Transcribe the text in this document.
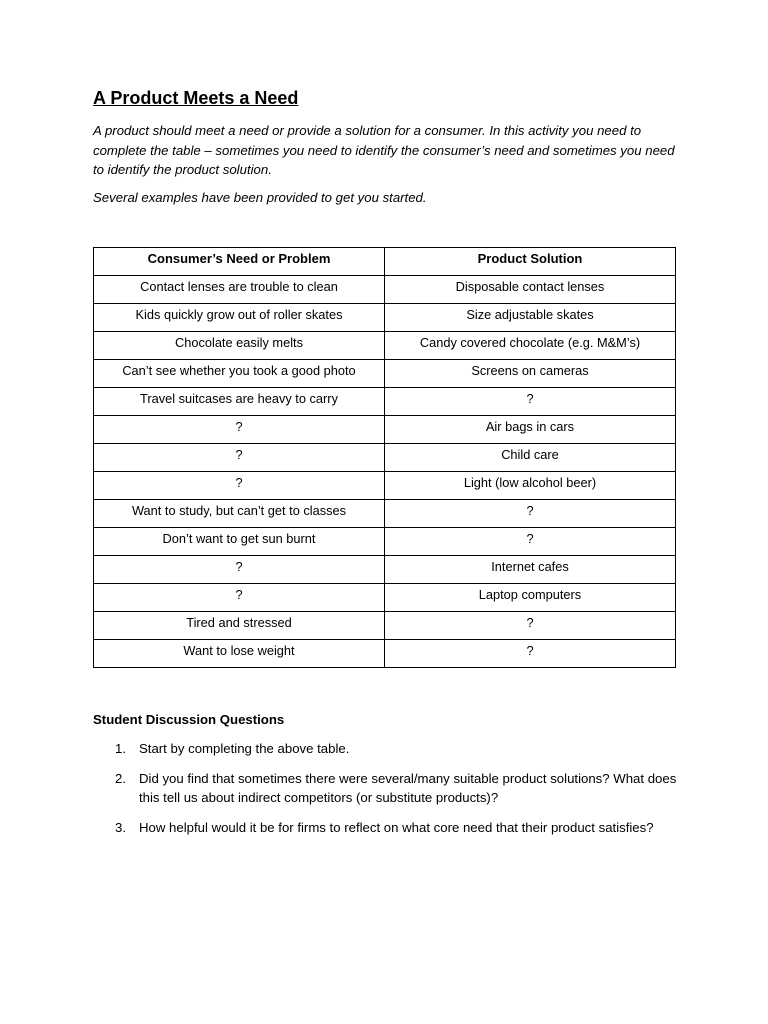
A Product Meets a Need

A product should meet a need or provide a solution for a consumer. In this activity you need to complete the table – sometimes you need to identify the consumer’s need and sometimes you need to identify the product solution.

Several examples have been provided to get you started.

Consumer’s Need or Problem	Product Solution
Contact lenses are trouble to clean	Disposable contact lenses
Kids quickly grow out of roller skates	Size adjustable skates
Chocolate easily melts	Candy covered chocolate (e.g. M&M’s)
Can’t see whether you took a good photo	Screens on cameras
Travel suitcases are heavy to carry	?
?	Air bags in cars
?	Child care
?	Light (low alcohol beer)
Want to study, but can’t get to classes	?
Don’t want to get sun burnt	?
?	Internet cafes
?	Laptop computers
Tired and stressed	?
Want to lose weight	?
Student Discussion Questions
1. Start by completing the above table.
2. Did you find that sometimes there were several/many suitable product solutions? What does this tell us about indirect competitors (or substitute products)?
3. How helpful would it be for firms to reflect on what core need that their product satisfies?
